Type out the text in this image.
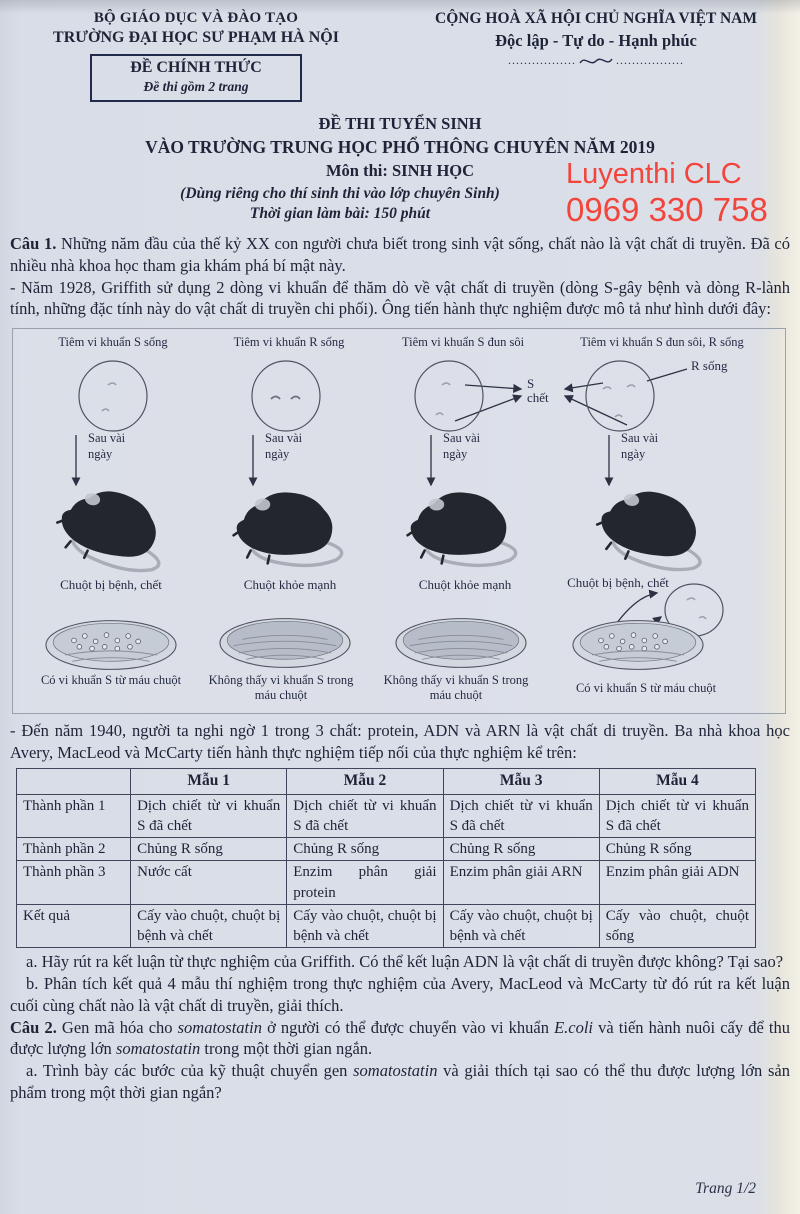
BỘ GIÁO DỤC VÀ ĐÀO TẠO
TRƯỜNG ĐẠI HỌC SƯ PHẠM HÀ NỘI
ĐỀ CHÍNH THỨC
Đề thi gồm 2 trang
CỘNG HOÀ XÃ HỘI CHỦ NGHĨA VIỆT NAM
Độc lập - Tự do - Hạnh phúc
.................	.................
ĐỀ THI TUYỂN SINH
VÀO TRƯỜNG TRUNG HỌC PHỔ THÔNG CHUYÊN NĂM 2019
Môn thi: SINH HỌC
(Dùng riêng cho thí sinh thi vào lớp chuyên Sinh)
Thời gian làm bài: 150 phút
Luyenthi CLC
0969 330 758

Câu 1. Những năm đầu của thế kỷ XX con người chưa biết trong sinh vật sống, chất nào là vật chất di truyền. Đã có nhiều nhà khoa học tham gia khám phá bí mật này.

- Năm 1928, Griffith sử dụng 2 dòng vi khuẩn để thăm dò về vật chất di truyền (dòng S-gây bệnh và dòng R-lành tính, những đặc tính này do vật chất di truyền chi phối). Ông tiến hành thực nghiệm được mô tả như hình dưới đây:

Tiêm vi khuẩn S sống	Tiêm vi khuẩn R sống	Tiêm vi khuẩn S đun sôi	Tiêm vi khuẩn S đun sôi, R sống
S
chết
R sống
Sau vài ngày
Sau vài ngày
Sau vài ngày
Sau vài ngày
Chuột bị bệnh, chết	Chuột khỏe mạnh	Chuột khỏe mạnh	Chuột bị bệnh, chết
Có vi khuẩn S từ máu chuột	Không thấy vi khuẩn S trong máu chuột
Không thấy vi khuẩn S trong máu chuột	Có vi khuẩn S từ máu chuột

- Đến năm 1940, người ta nghi ngờ 1 trong 3 chất: protein, ADN và ARN là vật chất di truyền. Ba nhà khoa học Avery, MacLeod và McCarty tiến hành thực nghiệm tiếp nối của thực nghiệm kể trên:

	Mẫu 1	Mẫu 2	Mẫu 3	Mẫu 4
Thành phần 1	Dịch chiết từ vi khuẩn S đã chết	Dịch chiết từ vi khuẩn S đã chết	Dịch chiết từ vi khuẩn S đã chết	Dịch chiết từ vi khuẩn S đã chết
Thành phần 2	Chủng R sống	Chủng R sống	Chủng R sống	Chủng R sống
Thành phần 3	Nước cất	Enzim phân giải protein	Enzim phân giải ARN	Enzim phân giải ADN
Kết quả	Cấy vào chuột, chuột bị bệnh và chết	Cấy vào chuột, chuột bị bệnh và chết	Cấy vào chuột, chuột bị bệnh và chết	Cấy vào chuột, chuột sống

a. Hãy rút ra kết luận từ thực nghiệm của Griffith. Có thể kết luận ADN là vật chất di truyền được không? Tại sao?

b. Phân tích kết quả 4 mẫu thí nghiệm trong thực nghiệm của Avery, MacLeod và McCarty từ đó rút ra kết luận cuối cùng chất nào là vật chất di truyền, giải thích.

Câu 2. Gen mã hóa cho somatostatin ở người có thể được chuyển vào vi khuẩn E.coli và tiến hành nuôi cấy để thu được lượng lớn somatostatin trong một thời gian ngắn.

a. Trình bày các bước của kỹ thuật chuyển gen somatostatin và giải thích tại sao có thể thu được lượng lớn sản phẩm trong một thời gian ngắn?

Trang 1/2
